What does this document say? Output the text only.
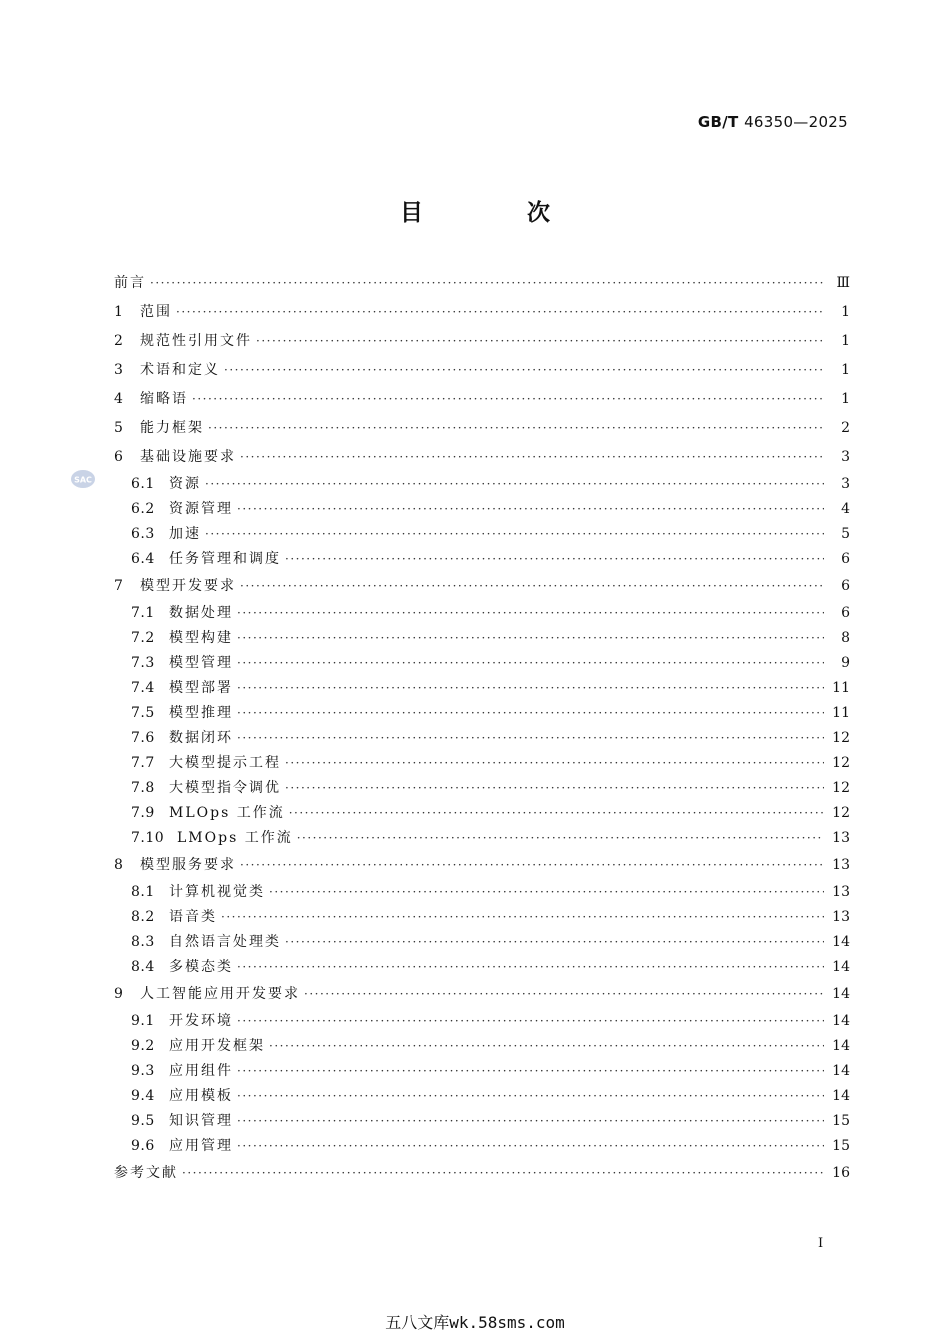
GB/T 46350—2025
目 次
SAC
前言 ·····	Ⅲ
1	范围 ·····	1
2	规范性引用文件 ·····	1
3	术语和定义 ·····	1
4	缩略语 ·····	1
5	能力框架 ·····	2
6	基础设施要求 ·····	3
6.1	资源 ·····	3
6.2	资源管理 ·····	4
6.3	加速 ·····	5
6.4	任务管理和调度 ·····	6
7	模型开发要求 ·····	6
7.1	数据处理 ·····	6
7.2	模型构建 ·····	8
7.3	模型管理 ·····	9
7.4	模型部署 ·····	11
7.5	模型推理 ·····	11
7.6	数据闭环 ·····	12
7.7	大模型提示工程 ·····	12
7.8	大模型指令调优 ·····	12
7.9	MLOps 工作流 ·····	12
7.10 LMOps 工作流 ·····	13
8	模型服务要求 ·····	13
8.1	计算机视觉类 ·····	13
8.2	语音类 ·····	13
8.3	自然语言处理类 ·····	14
8.4	多模态类 ·····	14
9	人工智能应用开发要求 ·····	14
9.1	开发环境 ·····	14
9.2	应用开发框架 ·····	14
9.3	应用组件 ·····	14
9.4	应用模板 ·····	14
9.5	知识管理 ·····	15
9.6	应用管理 ·····	15
参考文献 ·····	16
I
五八文库wk.58sms.com
